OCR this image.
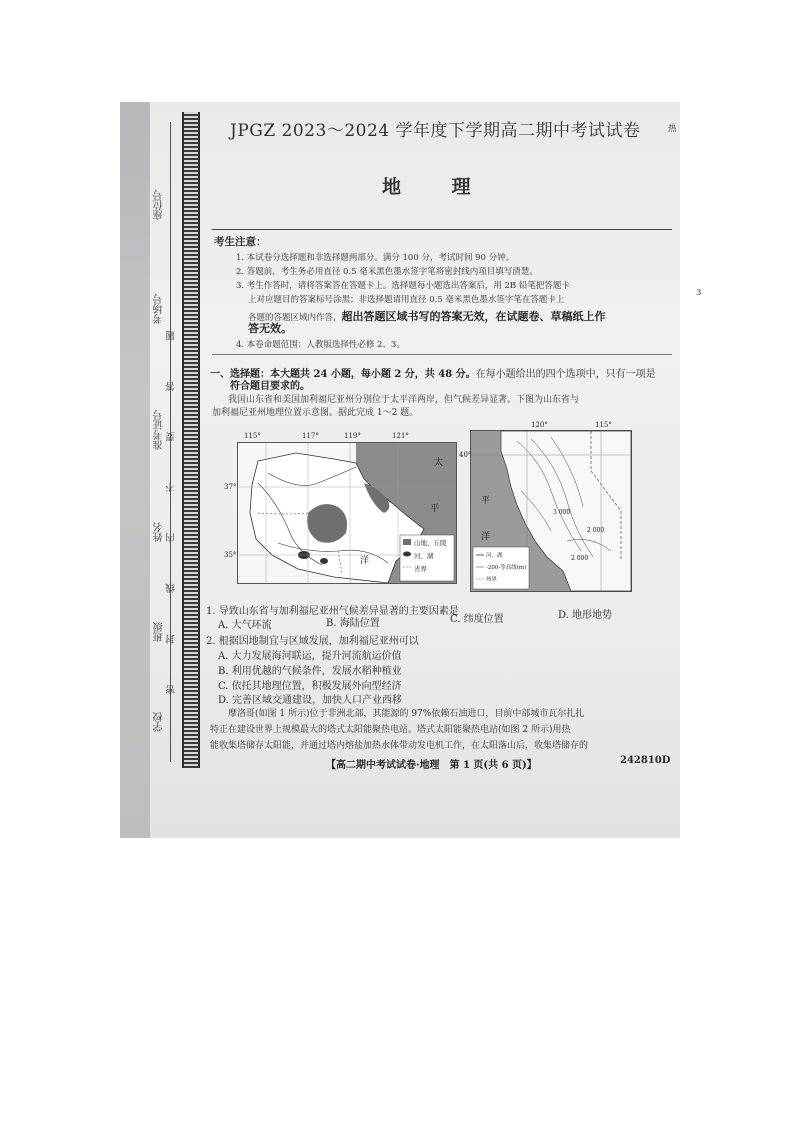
座位号
考场号
准考证号
姓名
班级
学校
密 封 线 内 不 要 答 题
JPGZ 2023～2024 学年度下学期高二期中考试试卷	热
地 理
考生注意：
1. 本试卷分选择题和非选择题两部分。满分 100 分，考试时间 90 分钟。
2. 答题前，考生务必用直径 0.5 毫米黑色墨水签字笔将密封线内项目填写清楚。
3. 考生作答时，请将答案答在答题卡上。选择题每小题选出答案后，用 2B 铅笔把答题卡
上对应题目的答案标号涂黑；非选择题请用直径 0.5 毫米黑色墨水签字笔在答题卡上
各题的答题区域内作答，超出答题区域书写的答案无效，在试题卷、草稿纸上作
答无效。
4. 本卷命题范围：人教版选择性必修 2、3。
3
一、选择题：本大题共 24 小题，每小题 2 分，共 48 分。在每小题给出的四个选项中，只有一项是
符合题目要求的。
我国山东省和美国加利福尼亚州分别位于太平洋两岸，但气候差异显著。下图为山东省与
加利福尼亚州地理位置示意图。据此完成 1～2 题。
115°	117°	119°	121°
37°
35°
太
平
洋
山地、丘陵
河、湖
省界
120°	115°
40°
平
洋
3 000
2 000
2 000
河、湖
-200-等高线(m)
州界
1. 导致山东省与加利福尼亚州气候差异显著的主要因素是
A. 大气环流	B. 海陆位置	C. 纬度位置	D. 地形地势
2. 根据因地制宜与区域发展，加利福尼亚州可以
A. 大力发展海河联运，提升河流航运价值
B. 利用优越的气候条件，发展水稻种植业
C. 依托其地理位置，积极发展外向型经济
D. 完善区域交通建设，加快人口产业西移
摩洛哥(如图 1 所示)位于非洲北部，其能源的 97%依赖石油进口，目前中部城市瓦尔扎扎
特正在建设世界上规模最大的塔式太阳能聚热电站。塔式太阳能聚热电站(如图 2 所示)用热
能收集塔储存太阳能，并通过塔内熔盐加热水体带动发电机工作，在太阳落山后，收集塔储存的
【高二期中考试试卷·地理　第 1 页(共 6 页)】	242810D
